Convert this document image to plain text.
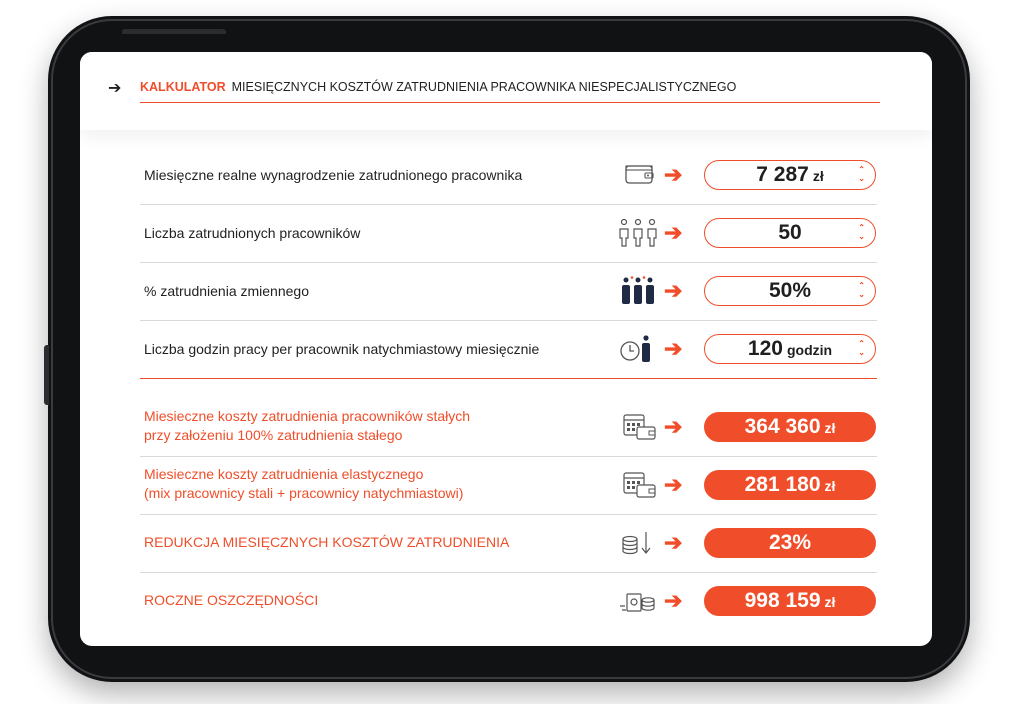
➔ KALKULATOR MIESIĘCZNYCH KOSZTÓW ZATRUDNIENIA PRACOWNIKA NIESPECJALISTYCZNEGO
Miesięczne realne wynagrodzenie zatrudnionego pracownika	➔	7 287 zł	⌃
⌄
Liczba zatrudnionych pracowników	➔	50	⌃
⌄
% zatrudnienia zmiennego	➔	50%	⌃
⌄
Liczba godzin pracy per pracownik natychmiastowy miesięcznie	➔	120 godzin	⌃
⌄
Miesieczne koszty zatrudnienia pracowników stałych
przy założeniu 100% zatrudnienia stałego	➔	364 360 zł
Miesieczne koszty zatrudnienia elastycznego
(mix pracownicy stali + pracownicy natychmiastowi)	➔	281 180 zł
REDUKCJA MIESIĘCZNYCH KOSZTÓW ZATRUDNIENIA	➔	23%
ROCZNE OSZCZĘDNOŚCI	➔	998 159 zł
